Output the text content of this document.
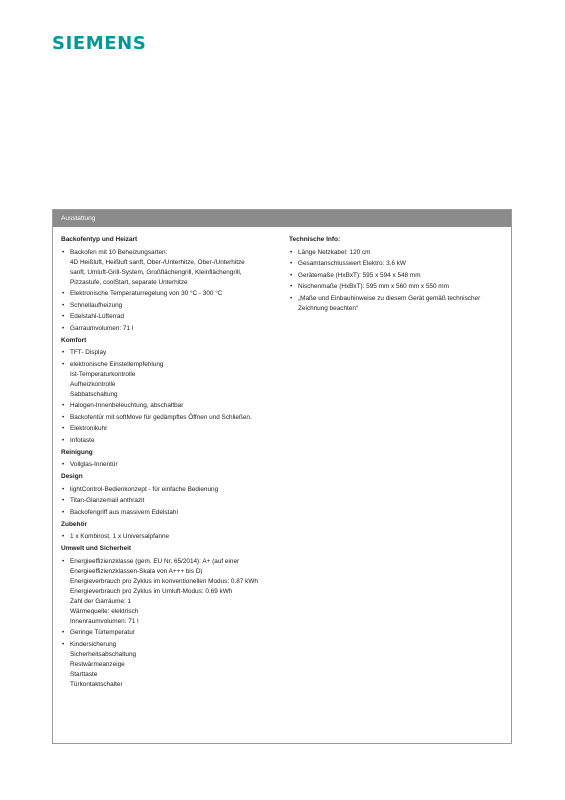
SIEMENS
Ausstattung
Backofentyp und Heizart
• Backofen mit 10 Beheizungsarten:
4D Heißluft, Heißluft sanft, Ober-/Unterhitze, Ober-/Unterhitze
sanft, Umluft-Grill-System, Großflächengrill, Kleinflächengrill,
Pizzastufe, coolStart, separate Unterhitze
• Elektronische Temperaturregelung von 30 °C - 300 °C
• Schnellaufheizung
• Edelstahl-Lüfterrad
• Garraumvolumen: 71 l
Komfort
• TFT- Display
• elektronische Einstellempfehlung
Ist-Temperaturkontrolle
Aufheizkontrolle
Sabbatschaltung
• Halogen-Innenbeleuchtung, abschaltbar
• Backofentür mit softMove für gedämpftes Öffnen und Schließen.
• Elektronikuhr
• Infotaste
Reinigung
• Vollglas-Innentür
Design
• lightControl-Bedienkonzept - für einfache Bedienung
• Titan-Glanzemail anthrazit
• Backofengriff aus massivem Edelstahl
Zubehör
• 1 x Kombirost, 1 x Universalpfanne
Umwelt und Sicherheit
• Energieeffizienzklasse (gem. EU Nr. 65/2014): A+ (auf einer
Energieeffizienzklassen-Skala von A+++ bis D)
Energieverbrauch pro Zyklus im konventionellen Modus: 0.87 kWh
Energieverbrauch pro Zyklus im Umluft-Modus: 0.69 kWh
Zahl der Garräume: 1
Wärmequelle: elektrisch
Innenraumvolumen: 71 l
• Geringe Türtemperatur
• Kindersicherung
Sicherheitsabschaltung
Restwärmeanzeige
Starttaste
Türkontaktschalter
Technische Info:
• Länge Netzkabel: 120 cm
• Gesamtanschlusswert Elektro: 3.6 kW
• Gerätemaße (HxBxT): 595 x 594 x 548 mm
• Nischenmaße (HxBxT): 595 mm x 560 mm x 550 mm
• „Maße und Einbauhinweise zu diesem Gerät gemäß technischer
Zeichnung beachten“
